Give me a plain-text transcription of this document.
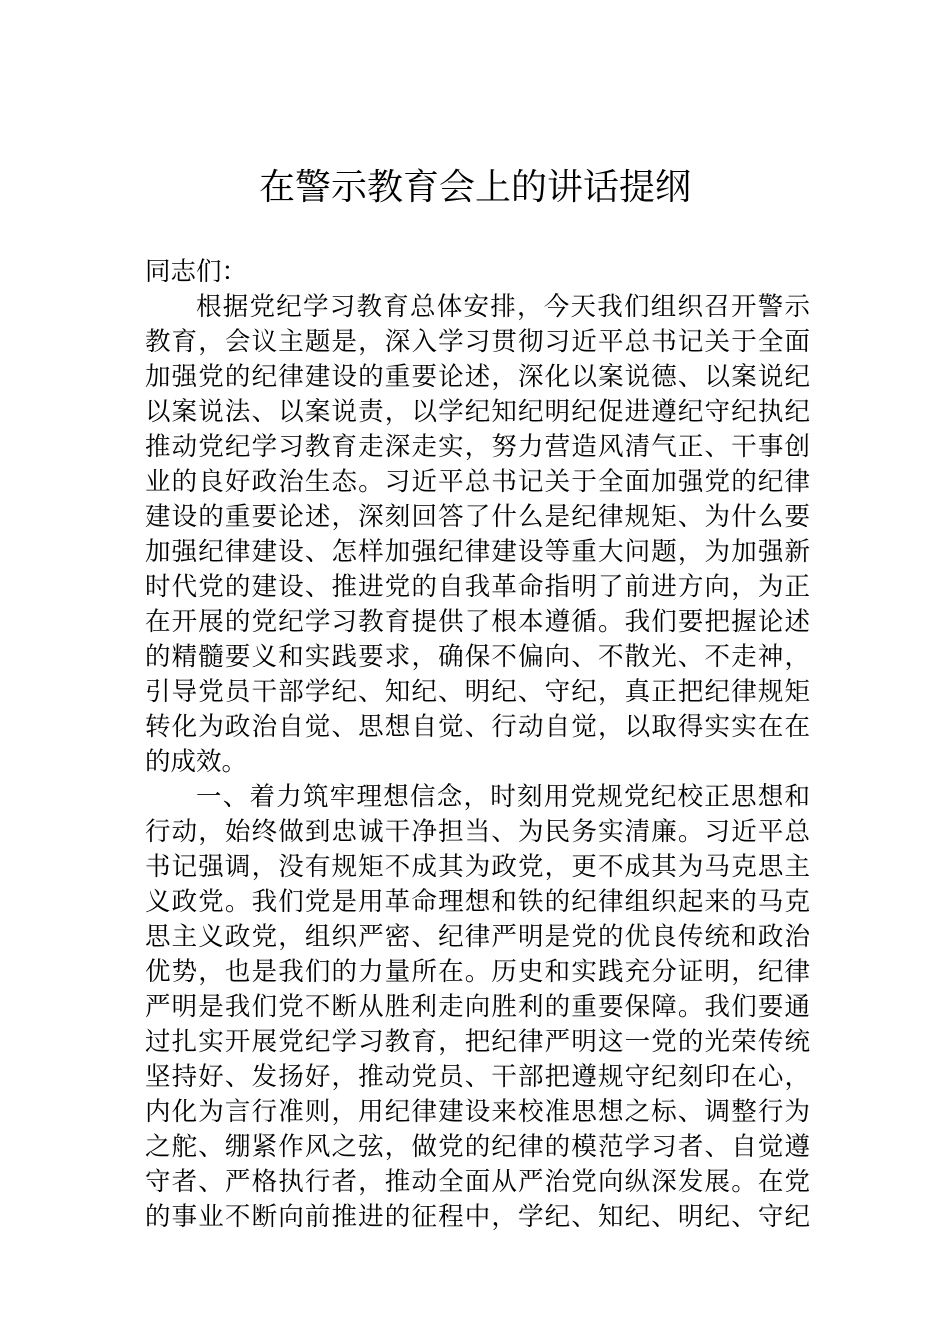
在警示教育会上的讲话提纲
同志们：
根据党纪学习教育总体安排，今天我们组织召开警示
教育，会议主题是，深入学习贯彻习近平总书记关于全面
加强党的纪律建设的重要论述，深化以案说德、以案说纪
以案说法、以案说责，以学纪知纪明纪促进遵纪守纪执纪
推动党纪学习教育走深走实，努力营造风清气正、干事创
业的良好政治生态。习近平总书记关于全面加强党的纪律
建设的重要论述，深刻回答了什么是纪律规矩、为什么要
加强纪律建设、怎样加强纪律建设等重大问题，为加强新
时代党的建设、推进党的自我革命指明了前进方向，为正
在开展的党纪学习教育提供了根本遵循。我们要把握论述
的精髓要义和实践要求，确保不偏向、不散光、不走神，
引导党员干部学纪、知纪、明纪、守纪，真正把纪律规矩
转化为政治自觉、思想自觉、行动自觉，以取得实实在在
的成效。
一、着力筑牢理想信念，时刻用党规党纪校正思想和
行动，始终做到忠诚干净担当、为民务实清廉。习近平总
书记强调，没有规矩不成其为政党，更不成其为马克思主
义政党。我们党是用革命理想和铁的纪律组织起来的马克
思主义政党，组织严密、纪律严明是党的优良传统和政治
优势，也是我们的力量所在。历史和实践充分证明，纪律
严明是我们党不断从胜利走向胜利的重要保障。我们要通
过扎实开展党纪学习教育，把纪律严明这一党的光荣传统
坚持好、发扬好，推动党员、干部把遵规守纪刻印在心，
内化为言行准则，用纪律建设来校准思想之标、调整行为
之舵、绷紧作风之弦，做党的纪律的模范学习者、自觉遵
守者、严格执行者，推动全面从严治党向纵深发展。在党
的事业不断向前推进的征程中，学纪、知纪、明纪、守纪
